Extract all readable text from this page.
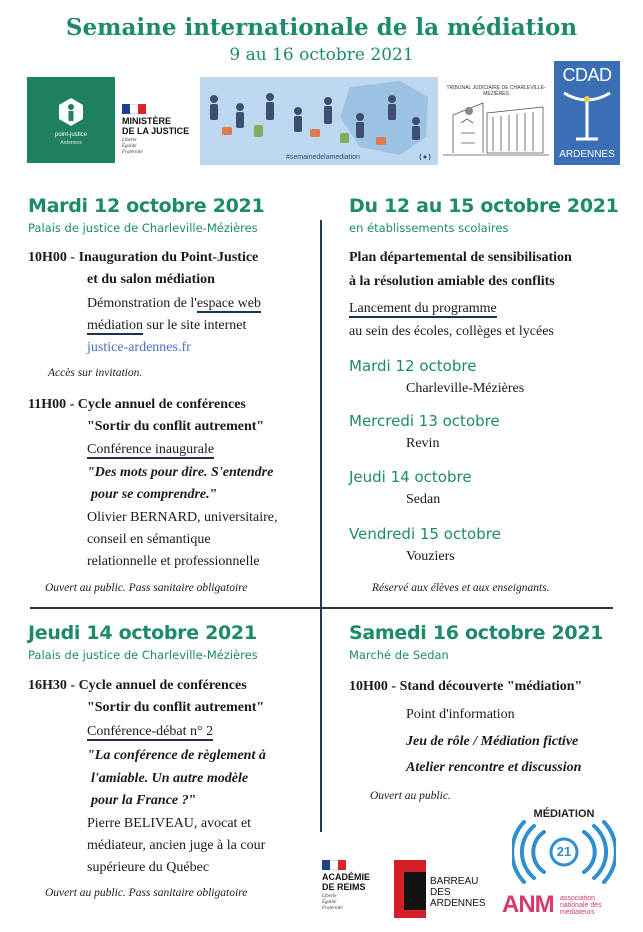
Semaine internationale de la médiation
9 au 16 octobre 2021
point-justice
Ardennes
MINISTÈRE
DE LA JUSTICE
Liberté
Égalité
Fraternité
#semainedelamediation
TRIBUNAL JUDICIAIRE DE CHARLEVILLE-MÉZIÈRES
CDAD
ARDENNES
Mardi 12 octobre 2021
Palais de justice de Charleville-Mézières
10H00 - Inauguration du Point-Justice
et du salon médiation
Démonstration de l'espace web
médiation sur le site internet
justice-ardennes.fr
Accès sur invitation.
11H00 - Cycle annuel de conférences
"Sortir du conflit autrement"
Conférence inaugurale
"Des mots pour dire. S'entendre
pour se comprendre."
Olivier BERNARD, universitaire,
conseil en sémantique
relationnelle et professionnelle
Ouvert au public. Pass sanitaire obligatoire
Du 12 au 15 octobre 2021
en établissements scolaires
Plan départemental de sensibilisation
à la résolution amiable des conflits
Lancement du programme
au sein des écoles, collèges et lycées
Mardi 12 octobre
Charleville-Mézières
Mercredi 13 octobre
Revin
Jeudi 14 octobre
Sedan
Vendredi 15 octobre
Vouziers
Réservé aux élèves et aux enseignants.
Jeudi 14 octobre 2021
Palais de justice de Charleville-Mézières
16H30 - Cycle annuel de conférences
"Sortir du conflit autrement"
Conférence-débat n° 2
"La conférence de règlement à
l'amiable. Un autre modèle
pour la France ?"
Pierre BELIVEAU, avocat et
médiateur, ancien juge à la cour
supérieure du Québec
Ouvert au public. Pass sanitaire obligatoire
Samedi 16 octobre 2021
Marché de Sedan
10H00 - Stand découverte "médiation"
Point d'information
Jeu de rôle / Médiation fictive
Atelier rencontre et discussion
Ouvert au public.
ACADÉMIE
DE REIMS
Liberté
Égalité
Fraternité
BARREAU
DES
ARDENNES
MÉDIATION
21
ANM association
nationale des
médiateurs
